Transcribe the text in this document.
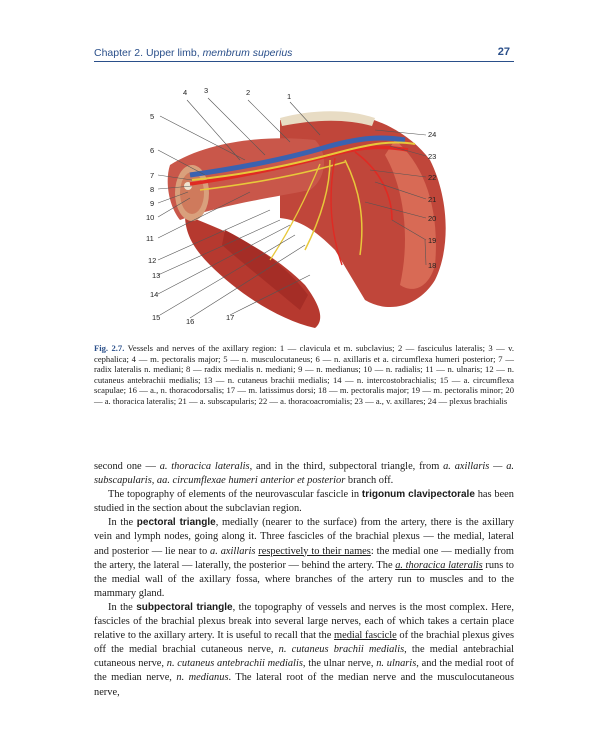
Chapter 2. Upper limb, membrum superius	27
4 3	2	1
5
6
7
8
9
10
11
12
13
14
15	16	17
24
23
22
21
20
19
18
Fig. 2.7. Vessels and nerves of the axillary region: 1 — clavicula et m. subclavius; 2 — fasciculus lateralis; 3 — v. cephalica; 4 — m. pectoralis major; 5 — n. musculocutaneus; 6 — n. axillaris et a. circumflexa humeri posterior; 7 — radix lateralis n. mediani; 8 — radix medialis n. mediani; 9 — n. medianus; 10 — n. radialis; 11 — n. ulnaris; 12 — n. cutaneus antebrachii medialis; 13 — n. cutaneus brachii medialis; 14 — n. intercostobrachialis; 15 — a. circumflexa scapulae; 16 — a., n. thoracodorsalis; 17 — m. latissimus dorsi; 18 — m. pectoralis major; 19 — m. pectoralis minor; 20 — a. thoracica lateralis; 21 — a. subscapularis; 22 — a. thoracoacromialis; 23 — a., v. axillares; 24 — plexus brachialis

second one — a. thoracica lateralis, and in the third, subpectoral triangle, from a. axillaris — a. subscapularis, aa. circumflexae humeri anterior et posterior branch off.

The topography of elements of the neurovascular fascicle in trigonum clavipectorale has been studied in the section about the subclavian region.

In the pectoral triangle, medially (nearer to the surface) from the artery, there is the axillary vein and lymph nodes, going along it. Three fascicles of the brachial plexus — the medial, lateral and posterior — lie near to a. axillaris respectively to their names: the medial one — medially from the artery, the lateral — laterally, the posterior — behind the artery. The a. thoracica lateralis runs to the medial wall of the axillary fossa, where branches of the artery run to muscles and to the mammary gland.

In the subpectoral triangle, the topography of vessels and nerves is the most complex. Here, fascicles of the brachial plexus break into several large nerves, each of which takes a certain place relative to the axillary artery. It is useful to recall that the medial fascicle of the brachial plexus gives off the medial brachial cutaneous nerve, n. cutaneus brachii medialis, the medial antebrachial cutaneous nerve, n. cutaneus antebrachii medialis, the ulnar nerve, n. ulnaris, and the medial root of the median nerve, n. medianus. The lateral root of the median nerve and the musculocutaneous nerve,
